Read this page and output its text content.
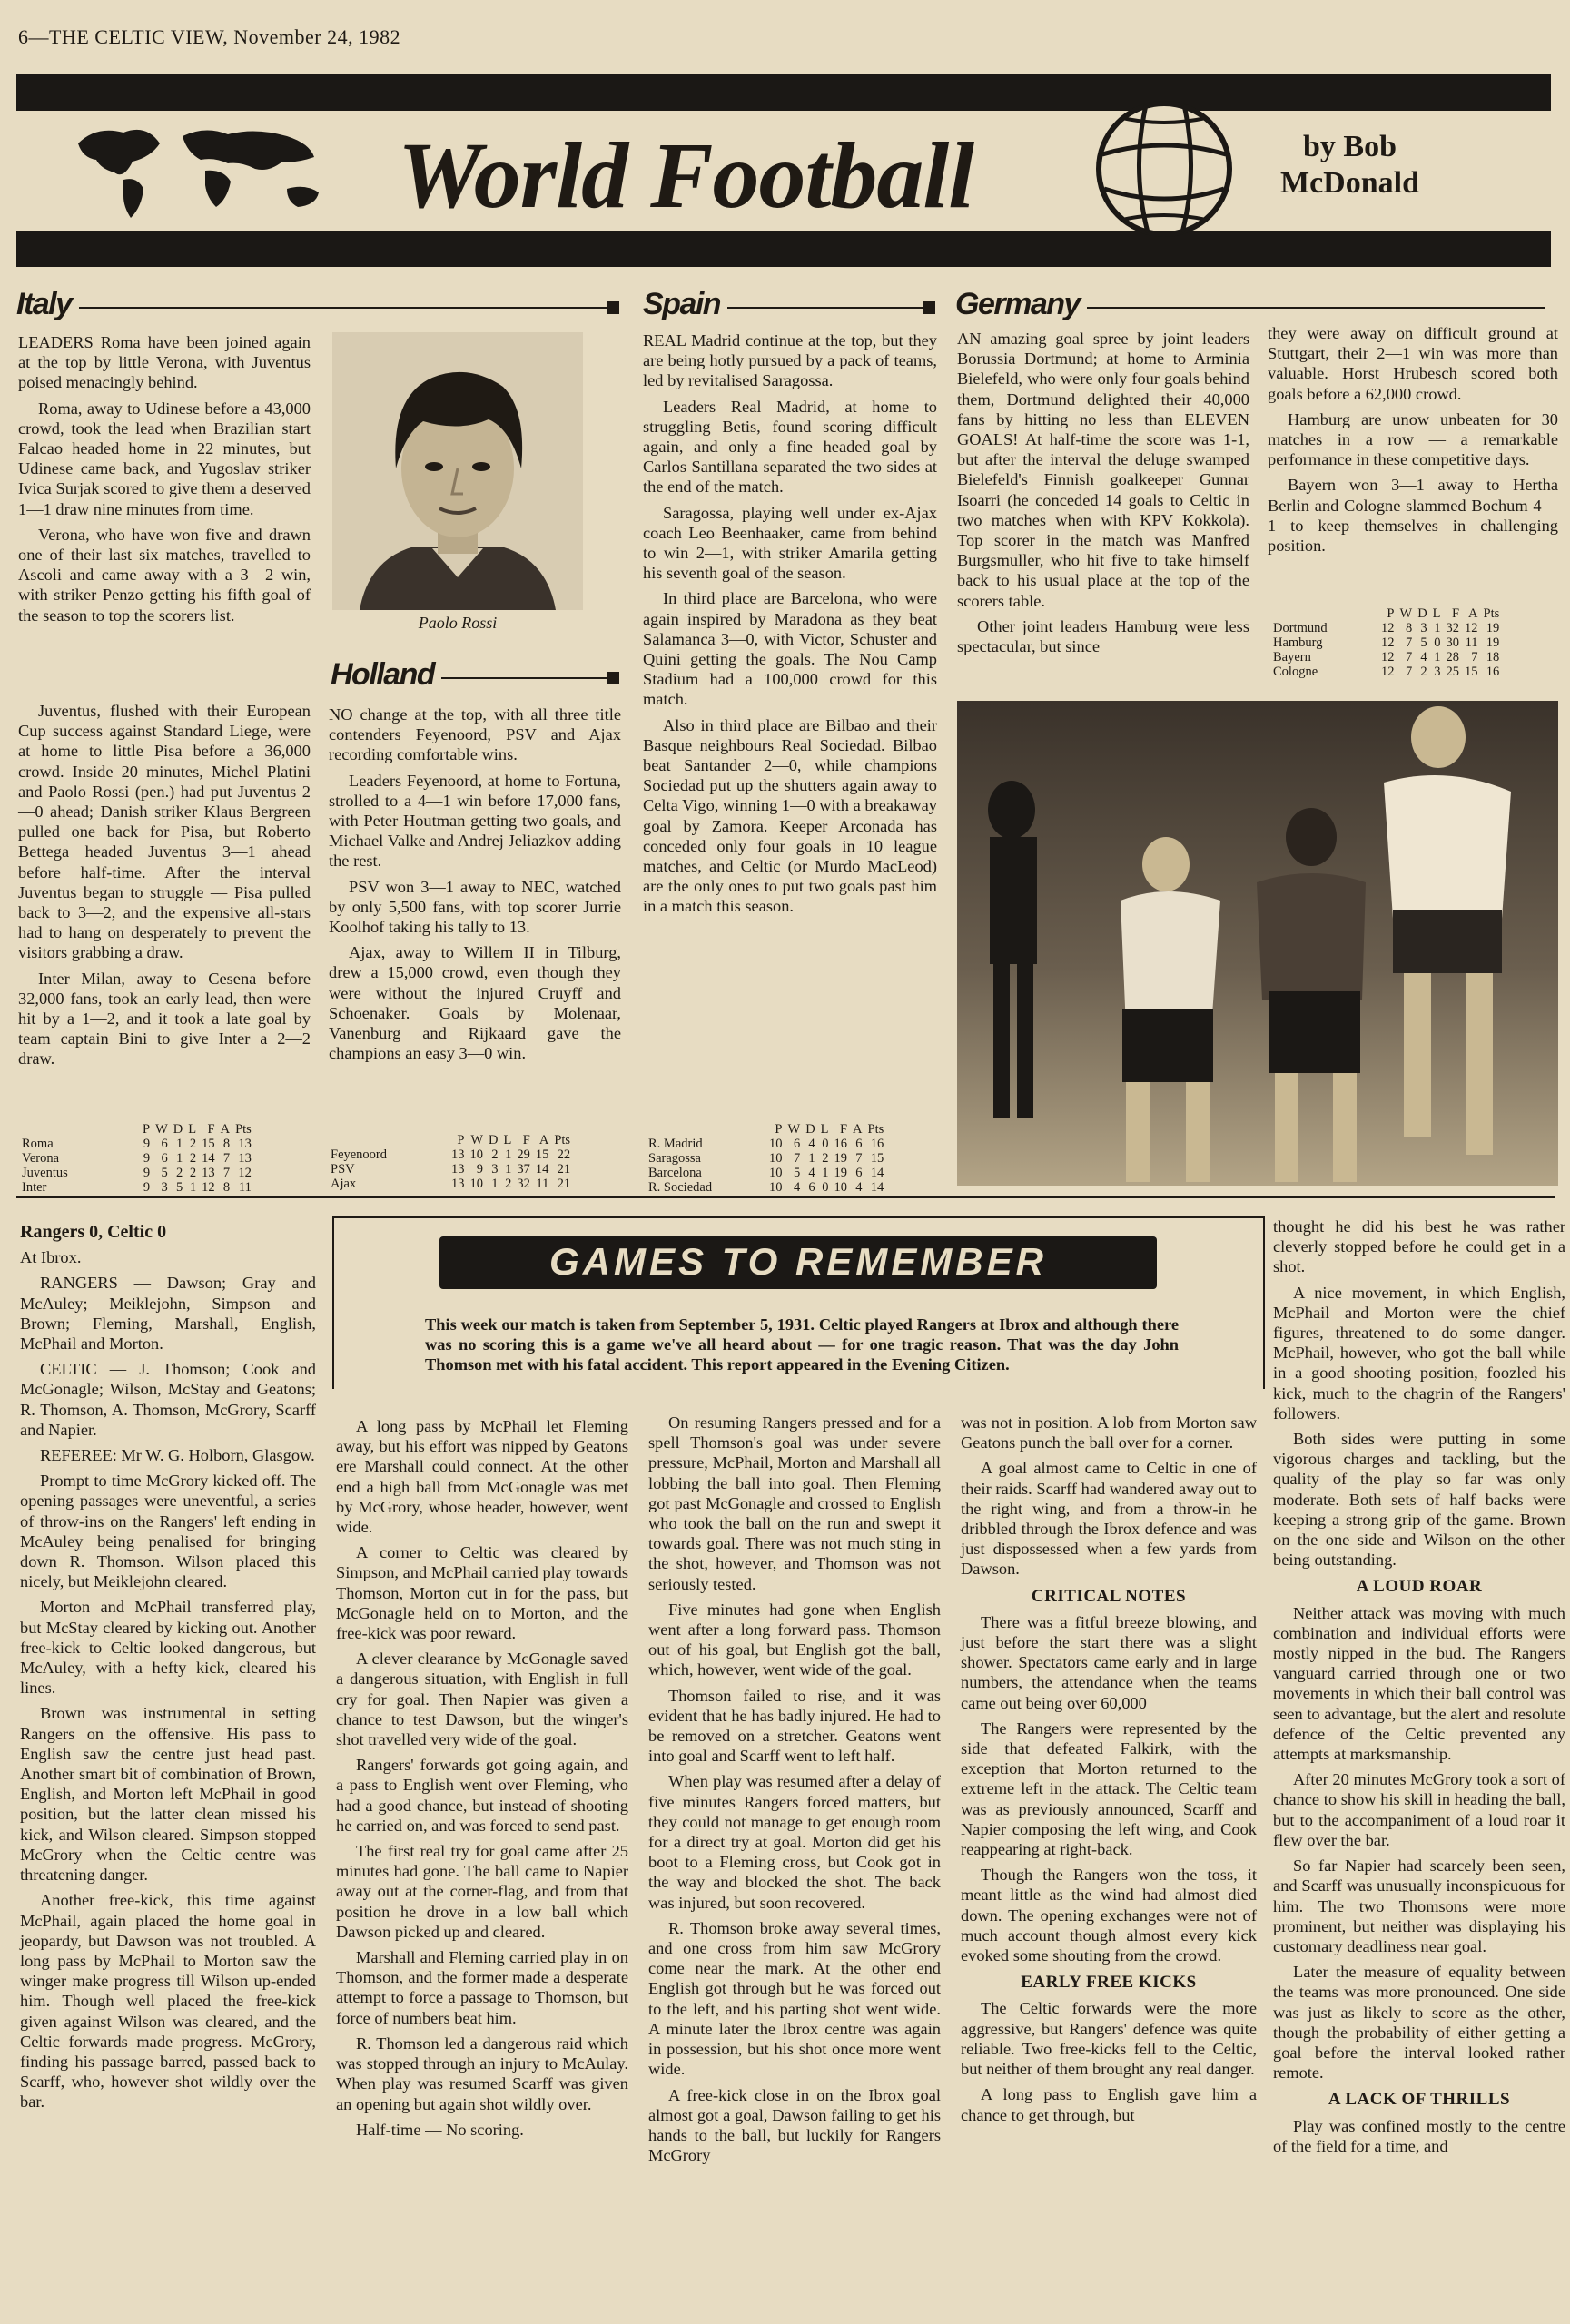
6—THE CELTIC VIEW, November 24, 1982
World Football	by Bob
McDonald
Italy

LEADERS Roma have been joined again at the top by little Verona, with Juventus poised menacingly behind.

Roma, away to Udinese before a 43,000 crowd, took the lead when Brazilian start Falcao headed home in 22 minutes, but Udinese came back, and Yugoslav striker Ivica Surjak scored to give them a deserved 1—1 draw nine minutes from time.

Verona, who have won five and drawn one of their last six matches, travelled to Ascoli and came away with a 3—2 win, with striker Penzo getting his fifth goal of the season to top the scorers list.

Juventus, flushed with their European Cup success against Standard Liege, were at home to little Pisa before a 36,000 crowd. Inside 20 minutes, Michel Platini and Paolo Rossi (pen.) had put Juventus 2—0 ahead; Danish striker Klaus Bergreen pulled one back for Pisa, but Roberto Bettega headed Juventus 3—1 ahead before half-time. After the interval Juventus began to struggle — Pisa pulled back to 3—2, and the expensive all-stars had to hang on desperately to prevent the visitors grabbing a draw.

Inter Milan, away to Cesena before 32,000 fans, took an early lead, then were hit by a 1—2, and it took a late goal by team captain Bini to give Inter a 2—2 draw.

	P	W	D	L	F	A	Pts
Roma	9	6	1	2	15	8	13
Verona	9	6	1	2	14	7	13
Juventus	9	5	2	2	13	7	12
Inter	9	3	5	1	12	8	11
Paolo Rossi
Holland

NO change at the top, with all three title contenders Feyenoord, PSV and Ajax recording comfortable wins.

Leaders Feyenoord, at home to Fortuna, strolled to a 4—1 win before 17,000 fans, with Peter Houtman getting two goals, and Michael Valke and Andrej Jeliazkov adding the rest.

PSV won 3—1 away to NEC, watched by only 5,500 fans, with top scorer Jurrie Koolhof taking his tally to 13.

Ajax, away to Willem II in Tilburg, drew a 15,000 crowd, even though they were without the injured Cruyff and Schoenaker. Goals by Molenaar, Vanenburg and Rijkaard gave the champions an easy 3—0 win.

	P	W	D	L	F	A	Pts
Feyenoord	13	10	2	1	29	15	22
PSV	13	9	3	1	37	14	21
Ajax	13	10	1	2	32	11	21
Spain

REAL Madrid continue at the top, but they are being hotly pursued by a pack of teams, led by revitalised Saragossa.

Leaders Real Madrid, at home to struggling Betis, found scoring difficult again, and only a fine headed goal by Carlos Santillana separated the two sides at the end of the match.

Saragossa, playing well under ex-Ajax coach Leo Beenhaaker, came from behind to win 2—1, with striker Amarila getting his seventh goal of the season.

In third place are Barcelona, who were again inspired by Maradona as they beat Salamanca 3—0, with Victor, Schuster and Quini getting the goals. The Nou Camp Stadium had a 100,000 crowd for this match.

Also in third place are Bilbao and their Basque neighbours Real Sociedad. Bilbao beat Santander 2—0, while champions Sociedad put up the shutters again away to Celta Vigo, winning 1—0 with a breakaway goal by Zamora. Keeper Arconada has conceded only four goals in 10 league matches, and Celtic (or Murdo MacLeod) are the only ones to put two goals past him in a match this season.

	P	W	D	L	F	A	Pts
R. Madrid	10	6	4	0	16	6	16
Saragossa	10	7	1	2	19	7	15
Barcelona	10	5	4	1	19	6	14
R. Sociedad	10	4	6	0	10	4	14
Germany

AN amazing goal spree by joint leaders Borussia Dortmund; at home to Arminia Bielefeld, who were only four goals behind them, Dortmund delighted their 40,000 fans by hitting no less than ELEVEN GOALS! At half-time the score was 1-1, but after the interval the deluge swamped Bielefeld's Finnish goalkeeper Gunnar Isoarri (he conceded 14 goals to Celtic in two matches when with KPV Kokkola). Top scorer in the match was Manfred Burgsmuller, who hit five to take himself back to his usual place at the top of the scorers table.

Other joint leaders Hamburg were less spectacular, but since

they were away on difficult ground at Stuttgart, their 2—1 win was more than valuable. Horst Hrubesch scored both goals before a 62,000 crowd.

Hamburg are unow unbeaten for 30 matches in a row — a remarkable performance in these competitive days.

Bayern won 3—1 away to Hertha Berlin and Cologne slammed Bochum 4—1 to keep themselves in challenging position.

	P	W	D	L	F	A	Pts
Dortmund	12	8	3	1	32	12	19
Hamburg	12	7	5	0	30	11	19
Bayern	12	7	4	1	28	7	18
Cologne	12	7	2	3	25	15	16
GAMES TO REMEMBER
This week our match is taken from September 5, 1931. Celtic played Rangers at Ibrox and although there was no scoring this is a game we've all heard about — for one tragic reason. That was the day John Thomson met with his fatal accident. This report appeared in the Evening Citizen.

Rangers 0, Celtic 0

At Ibrox.

RANGERS — Dawson; Gray and McAuley; Meiklejohn, Simpson and Brown; Fleming, Marshall, English, McPhail and Morton.

CELTIC — J. Thomson; Cook and McGonagle; Wilson, McStay and Geatons; R. Thomson, A. Thomson, McGrory, Scarff and Napier.

REFEREE: Mr W. G. Holborn, Glasgow.

Prompt to time McGrory kicked off. The opening passages were uneventful, a series of throw-ins on the Rangers' left ending in McAuley being penalised for bringing down R. Thomson. Wilson placed this nicely, but Meiklejohn cleared.

Morton and McPhail transferred play, but McStay cleared by kicking out. Another free-kick to Celtic looked dangerous, but McAuley, with a hefty kick, cleared his lines.

Brown was instrumental in setting Rangers on the offensive. His pass to English saw the centre just head past. Another smart bit of combination of Brown, English, and Morton left McPhail in good position, but the latter clean missed his kick, and Wilson cleared. Simpson stopped McGrory when the Celtic centre was threatening danger.

Another free-kick, this time against McPhail, again placed the home goal in jeopardy, but Dawson was not troubled. A long pass by McPhail to Morton saw the winger make progress till Wilson up-ended him. Though well placed the free-kick given against Wilson was cleared, and the Celtic forwards made progress. McGrory, finding his passage barred, passed back to Scarff, who, however shot wildly over the bar.

A long pass by McPhail let Fleming away, but his effort was nipped by Geatons ere Marshall could connect. At the other end a high ball from McGonagle was met by McGrory, whose header, however, went wide.

A corner to Celtic was cleared by Simpson, and McPhail carried play towards Thomson, Morton cut in for the pass, but McGonagle held on to Morton, and the free-kick was poor reward.

A clever clearance by McGonagle saved a dangerous situation, with English in full cry for goal. Then Napier was given a chance to test Dawson, but the winger's shot travelled very wide of the goal.

Rangers' forwards got going again, and a pass to English went over Fleming, who had a good chance, but instead of shooting he carried on, and was forced to send past.

The first real try for goal came after 25 minutes had gone. The ball came to Napier away out at the corner-flag, and from that position he drove in a low ball which Dawson picked up and cleared.

Marshall and Fleming carried play in on Thomson, and the former made a desperate attempt to force a passage to Thomson, but force of numbers beat him.

R. Thomson led a dangerous raid which was stopped through an injury to McAulay. When play was resumed Scarff was given an opening but again shot wildly over.

Half-time — No scoring.

On resuming Rangers pressed and for a spell Thomson's goal was under severe pressure, McPhail, Morton and Marshall all lobbing the ball into goal. Then Fleming got past McGonagle and crossed to English who took the ball on the run and swept it towards goal. There was not much sting in the shot, however, and Thomson was not seriously tested.

Five minutes had gone when English went after a long forward pass. Thomson out of his goal, but English got the ball, which, however, went wide of the goal.

Thomson failed to rise, and it was evident that he has badly injured. He had to be removed on a stretcher. Geatons went into goal and Scarff went to left half.

When play was resumed after a delay of five minutes Rangers forced matters, but they could not manage to get enough room for a direct try at goal. Morton did get his boot to a Fleming cross, but Cook got in the way and blocked the shot. The back was injured, but soon recovered.

R. Thomson broke away several times, and one cross from him saw McGrory come near the mark. At the other end English got through but he was forced out to the left, and his parting shot went wide. A minute later the Ibrox centre was again in possession, but his shot once more went wide.

A free-kick close in on the Ibrox goal almost got a goal, Dawson failing to get his hands to the ball, but luckily for Rangers McGrory

was not in position. A lob from Morton saw Geatons punch the ball over for a corner.

A goal almost came to Celtic in one of their raids. Scarff had wandered away out to the right wing, and from a throw-in he dribbled through the Ibrox defence and was just dispossessed when a few yards from Dawson.

CRITICAL NOTES

There was a fitful breeze blowing, and just before the start there was a slight shower. Spectators came early and in large numbers, the attendance when the teams came out being over 60,000

The Rangers were represented by the side that defeated Falkirk, with the exception that Morton returned to the extreme left in the attack. The Celtic team was as previously announced, Scarff and Napier composing the left wing, and Cook reappearing at right-back.

Though the Rangers won the toss, it meant little as the wind had almost died down. The opening exchanges were not of much account though almost every kick evoked some shouting from the crowd.

EARLY FREE KICKS

The Celtic forwards were the more aggressive, but Rangers' defence was quite reliable. Two free-kicks fell to the Celtic, but neither of them brought any real danger.

A long pass to English gave him a chance to get through, but

thought he did his best he was rather cleverly stopped before he could get in a shot.

A nice movement, in which English, McPhail and Morton were the chief figures, threatened to do some danger. McPhail, however, who got the ball while in a good shooting position, foozled his kick, much to the chagrin of the Rangers' followers.

Both sides were putting in some vigorous charges and tackling, but the quality of the play so far was only moderate. Both sets of half backs were keeping a strong grip of the game. Brown on the one side and Wilson on the other being outstanding.

A LOUD ROAR

Neither attack was moving with much combination and individual efforts were mostly nipped in the bud. The Rangers vanguard carried through one or two movements in which their ball control was seen to advantage, but the alert and resolute defence of the Celtic prevented any attempts at marksmanship.

After 20 minutes McGrory took a sort of chance to show his skill in heading the ball, but to the accompaniment of a loud roar it flew over the bar.

So far Napier had scarcely been seen, and Scarff was unusually inconspicuous for him. The two Thomsons were more prominent, but neither was displaying his customary deadliness near goal.

Later the measure of equality between the teams was more pronounced. One side was just as likely to score as the other, though the probability of either getting a goal before the interval looked rather remote.

A LACK OF THRILLS

Play was confined mostly to the centre of the field for a time, and
